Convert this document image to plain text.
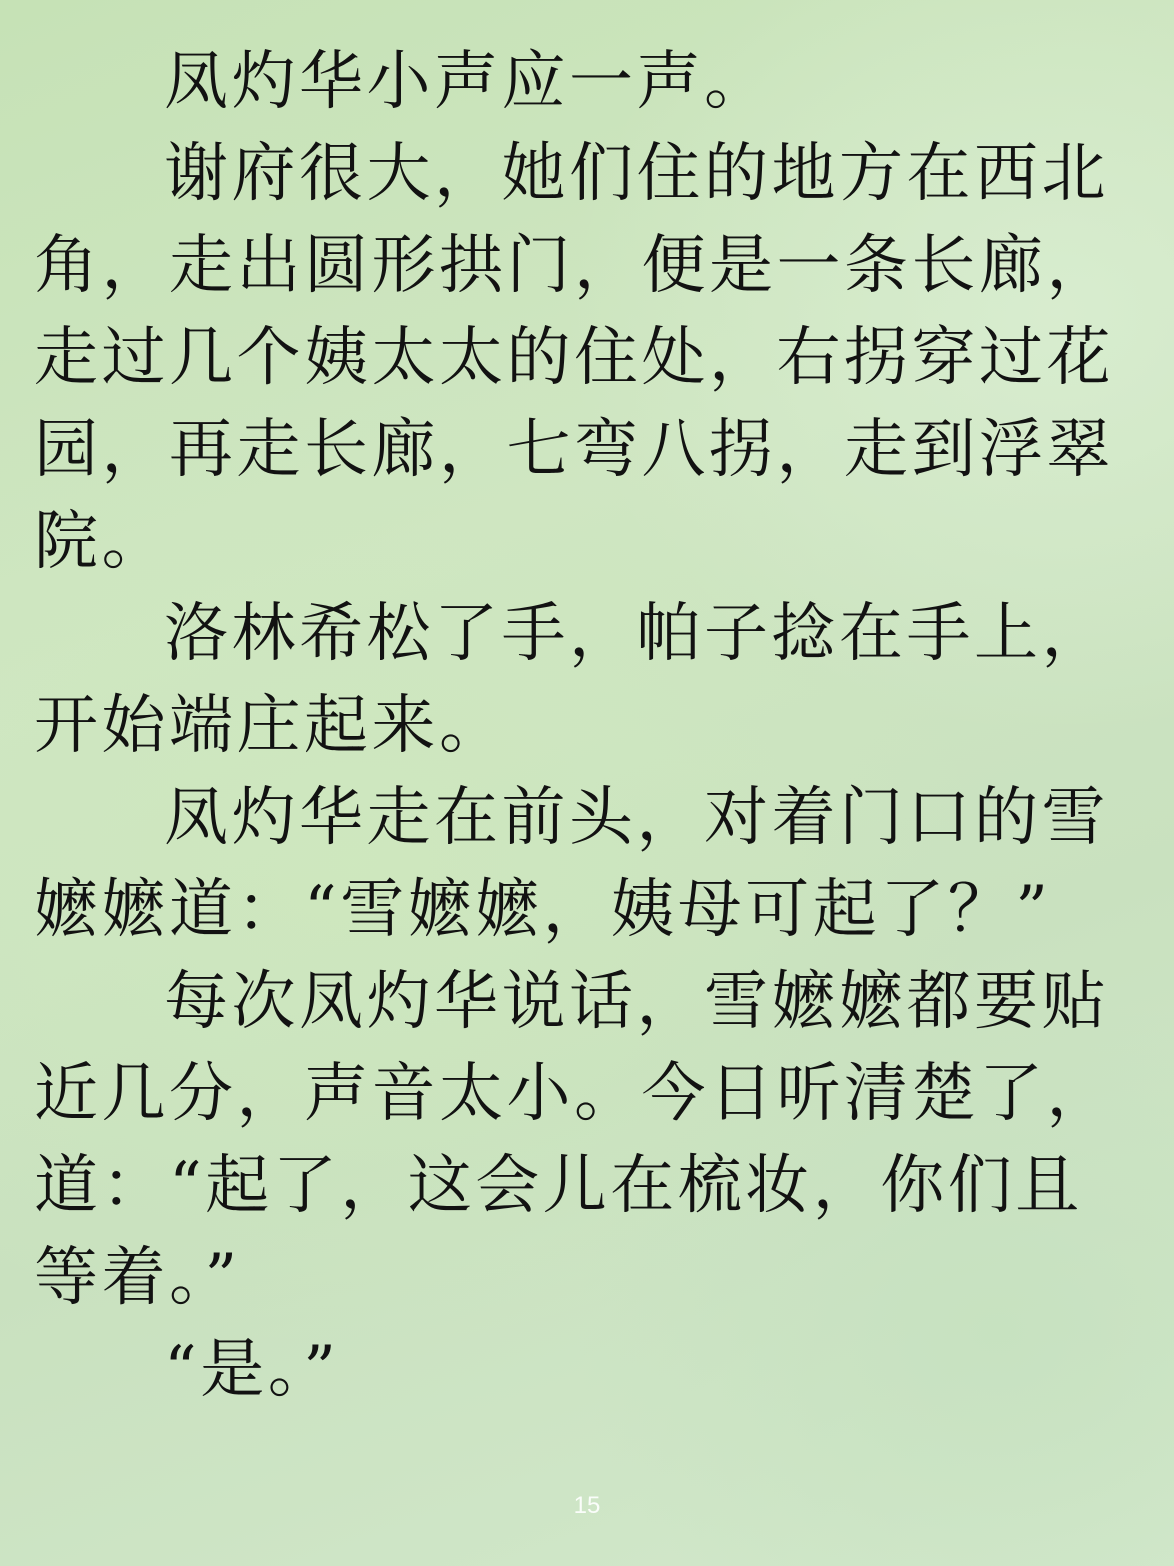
凤灼华小声应一声。
谢府很大，她们住的地方在西北
角，走出圆形拱门，便是一条长廊，
走过几个姨太太的住处，右拐穿过花
园，再走长廊，七弯八拐，走到浮翠
院。
洛林希松了手，帕子捻在手上，
开始端庄起来。
凤灼华走在前头，对着门口的雪
嬷嬷道：“雪嬷嬷，姨母可起了？”
每次凤灼华说话，雪嬷嬷都要贴
近几分，声音太小。今日听清楚了，
道：“起了，这会儿在梳妆，你们且
等着。”
“是。”
15
